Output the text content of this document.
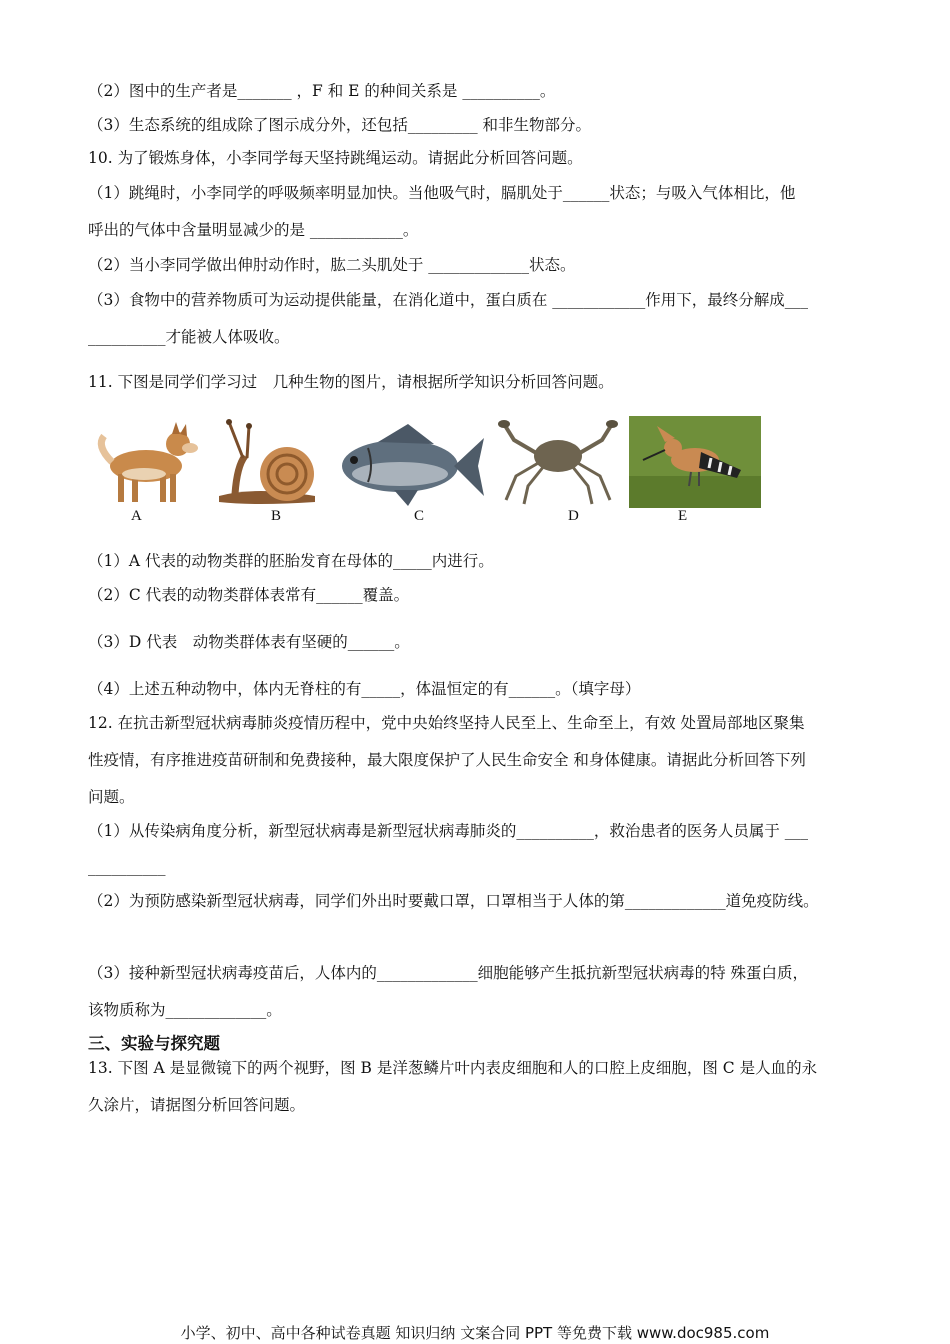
（2）图中的生产者是_______ ，F 和 E 的种间关系是 __________。
（3）生态系统的组成除了图示成分外，还包括_________ 和非生物部分。
10. 为了锻炼身体，小李同学每天坚持跳绳运动。请据此分析回答问题。
（1）跳绳时，小李同学的呼吸频率明显加快。当他吸气时，膈肌处于______状态；与吸入气体相比，他
呼出的气体中含量明显减少的是 ____________。
（2）当小李同学做出伸肘动作时，肱二头肌处于 _____________状态。
（3）食物中的营养物质可为运动提供能量，在消化道中，蛋白质在 ____________作用下，最终分解成___
__________才能被人体吸收。
11. 下图是同学们学习过　几种生物的图片，请根据所学知识分析回答问题。
A	B	C	D	E
（1）A 代表的动物类群的胚胎发育在母体的_____内进行。
（2）C 代表的动物类群体表常有______覆盖。
（3）D 代表　动物类群体表有坚硬的______。
（4）上述五种动物中，体内无脊柱的有_____，体温恒定的有______。（填字母）
12. 在抗击新型冠状病毒肺炎疫情历程中，党中央始终坚持人民至上、生命至上，有效 处置局部地区聚集
性疫情，有序推进疫苗研制和免费接种，最大限度保护了人民生命安全 和身体健康。请据此分析回答下列
问题。
（1）从传染病角度分析，新型冠状病毒是新型冠状病毒肺炎的__________，救治患者的医务人员属于 ___
__________
（2）为预防感染新型冠状病毒，同学们外出时要戴口罩，口罩相当于人体的第_____________道免疫防线。
（3）接种新型冠状病毒疫苗后，人体内的_____________细胞能够产生抵抗新型冠状病毒的特 殊蛋白质，
该物质称为_____________。
三、实验与探究题
13. 下图 A 是显微镜下的两个视野，图 B 是洋葱鳞片叶内表皮细胞和人的口腔上皮细胞，图 C 是人血的永
久涂片，请据图分析回答问题。
小学、初中、高中各种试卷真题 知识归纳 文案合同 PPT 等免费下载 www.doc985.com
